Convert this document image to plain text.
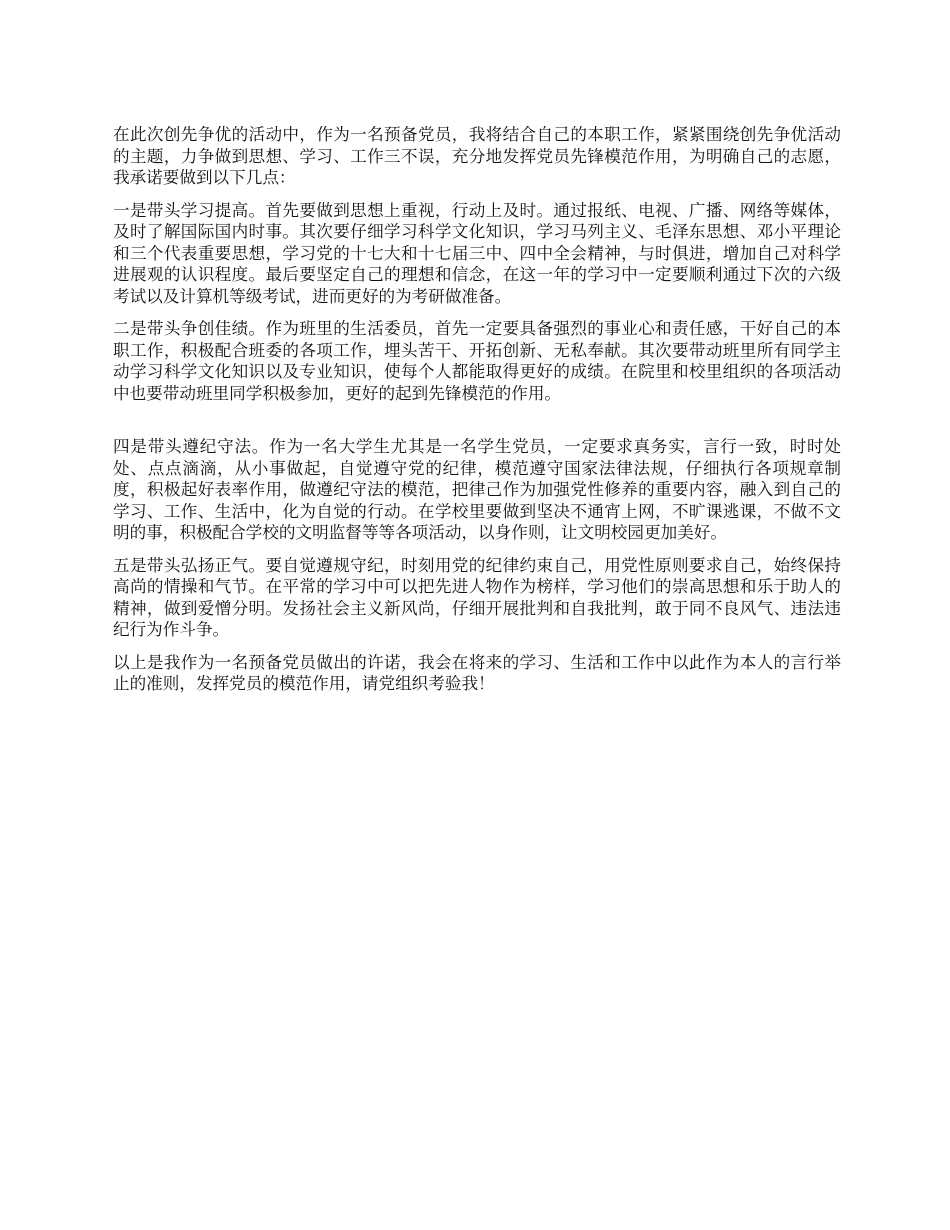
在此次创先争优的活动中，作为一名预备党员，我将结合自己的本职工作，紧紧围绕创先争优活动的主题，力争做到思想、学习、工作三不误，充分地发挥党员先锋模范作用，为明确自己的志愿，我承诺要做到以下几点：

一是带头学习提高。首先要做到思想上重视，行动上及时。通过报纸、电视、广播、网络等媒体，及时了解国际国内时事。其次要仔细学习科学文化知识，学习马列主义、毛泽东思想、邓小平理论和三个代表重要思想，学习党的十七大和十七届三中、四中全会精神，与时俱进，增加自己对科学进展观的认识程度。最后要坚定自己的理想和信念，在这一年的学习中一定要顺利通过下次的六级考试以及计算机等级考试，进而更好的为考研做准备。

二是带头争创佳绩。作为班里的生活委员，首先一定要具备强烈的事业心和责任感，干好自己的本职工作，积极配合班委的各项工作，埋头苦干、开拓创新、无私奉献。其次要带动班里所有同学主动学习科学文化知识以及专业知识，使每个人都能取得更好的成绩。在院里和校里组织的各项活动中也要带动班里同学积极参加，更好的起到先锋模范的作用。

四是带头遵纪守法。作为一名大学生尤其是一名学生党员，一定要求真务实，言行一致，时时处处、点点滴滴，从小事做起，自觉遵守党的纪律，模范遵守国家法律法规，仔细执行各项规章制度，积极起好表率作用，做遵纪守法的模范，把律己作为加强党性修养的重要内容，融入到自己的学习、工作、生活中，化为自觉的行动。在学校里要做到坚决不通宵上网，不旷课逃课，不做不文明的事，积极配合学校的文明监督等等各项活动，以身作则，让文明校园更加美好。

五是带头弘扬正气。要自觉遵规守纪，时刻用党的纪律约束自己，用党性原则要求自己，始终保持高尚的情操和气节。在平常的学习中可以把先进人物作为榜样，学习他们的崇高思想和乐于助人的精神，做到爱憎分明。发扬社会主义新风尚，仔细开展批判和自我批判，敢于同不良风气、违法违纪行为作斗争。

以上是我作为一名预备党员做出的许诺，我会在将来的学习、生活和工作中以此作为本人的言行举止的准则，发挥党员的模范作用，请党组织考验我！
